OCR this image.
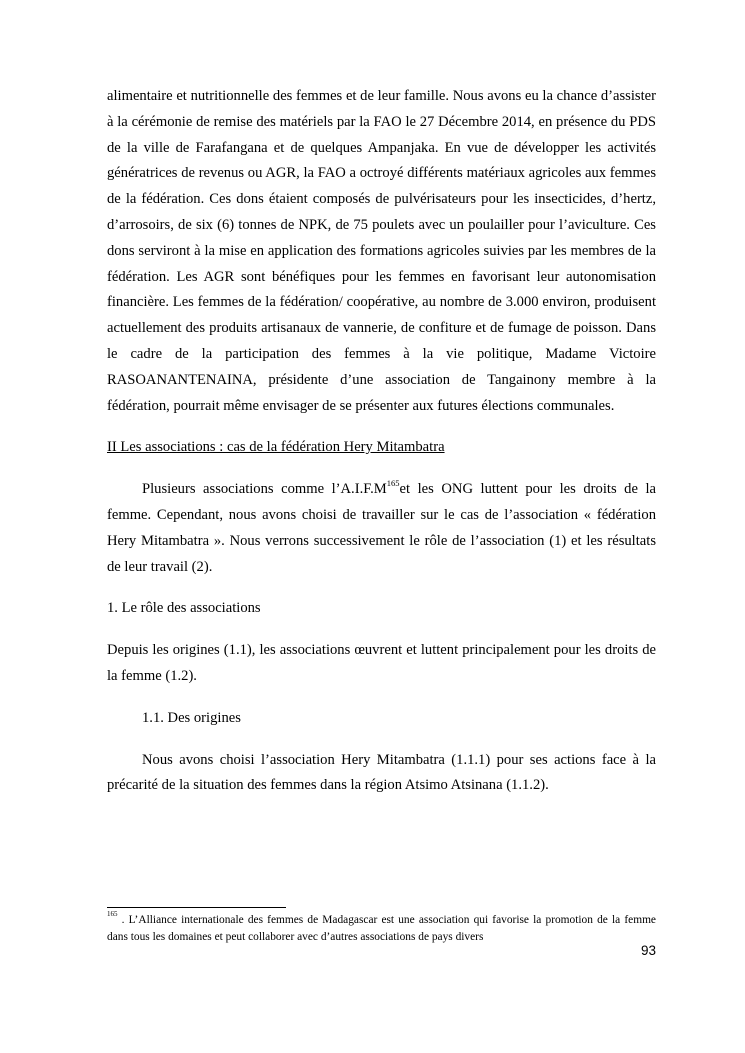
alimentaire et nutritionnelle des femmes et de leur famille. Nous avons eu la chance d’assister à la cérémonie de remise des matériels par la FAO le 27 Décembre 2014, en présence du PDS de la ville de Farafangana et de quelques Ampanjaka. En vue de développer les activités génératrices de revenus ou AGR, la FAO a octroyé différents matériaux agricoles aux femmes de la fédération. Ces dons étaient composés de pulvérisateurs pour les insecticides, d’hertz, d’arrosoirs, de six (6) tonnes de NPK, de 75 poulets avec un poulailler pour l’aviculture. Ces dons serviront à la mise en application des formations agricoles suivies par les membres de la fédération. Les AGR sont bénéfiques pour les femmes en favorisant leur autonomisation financière. Les femmes de la fédération/ coopérative, au nombre de 3.000 environ, produisent actuellement des produits artisanaux de vannerie, de confiture et de fumage de poisson. Dans le cadre de la participation des femmes à la vie politique, Madame Victoire RASOANANTENAINA, présidente d’une association de Tangainony membre à la fédération, pourrait même envisager de se présenter aux futures élections communales.

II Les associations : cas de la fédération Hery Mitambatra

Plusieurs associations comme $l’A.I.F.M^{165}et$ les ONG luttent pour les droits de la femme. Cependant, nous avons choisi de travailler sur le cas de l’association « fédération Hery Mitambatra ». Nous verrons successivement le rôle de l’association (1) et les résultats de leur travail (2).

1. Le rôle des associations

Depuis les origines (1.1), les associations œuvrent et luttent principalement pour les droits de la femme (1.2).

1.1. Des origines

Nous avons choisi l’association Hery Mitambatra (1.1.1) pour ses actions face à la précarité de la situation des femmes dans la région Atsimo Atsinana (1.1.2).

$^{165}$ . L’Alliance internationale des femmes de Madagascar est une association qui favorise la promotion de la femme dans tous les domaines et peut collaborer avec d’autres associations de pays divers

93
